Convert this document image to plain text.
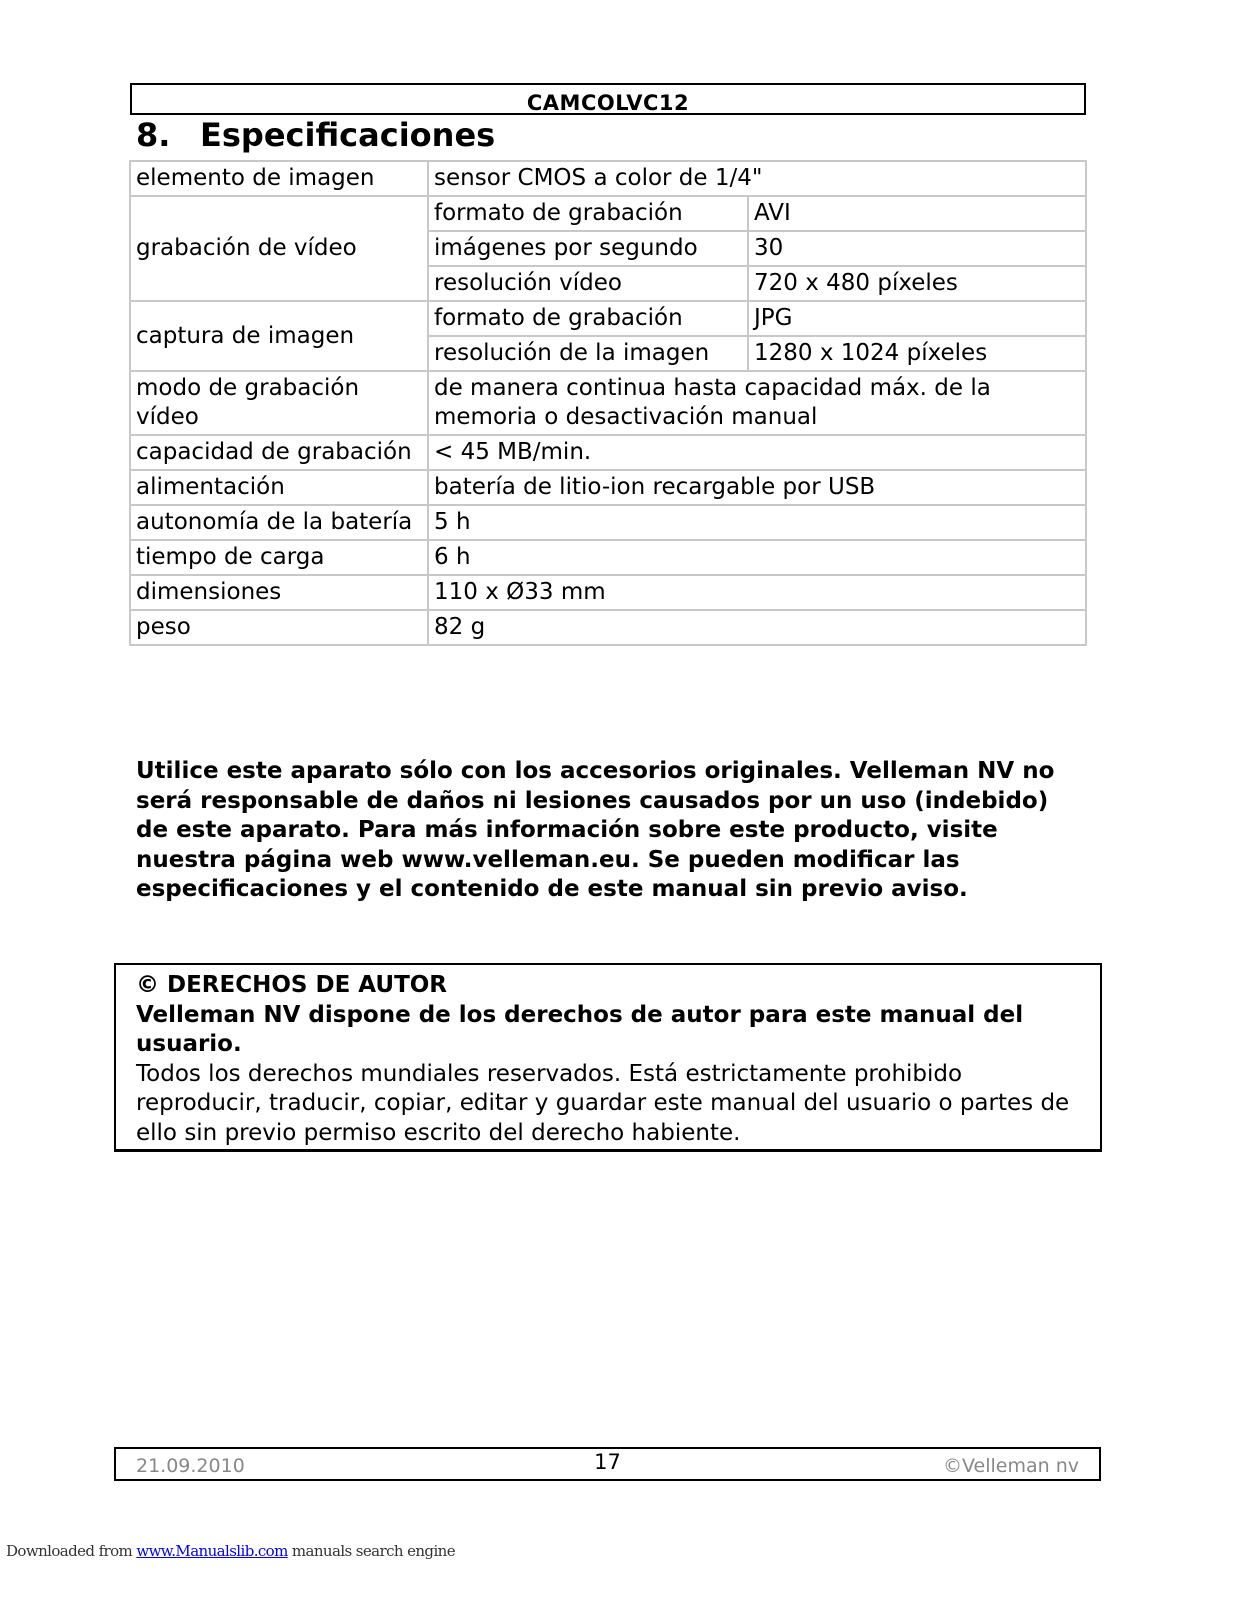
CAMCOLVC12
8. Especificaciones
elemento de imagen	sensor CMOS a color de 1/4"	
grabación de vídeo	formato de grabación	AVI
	imágenes por segundo	30
	resolución vídeo	720 x 480 píxeles
captura de imagen	formato de grabación	JPG
	resolución de la imagen	1280 x 1024 píxeles
modo de grabación vídeo	de manera continua hasta capacidad máx. de la memoria o desactivación manual	
capacidad de grabación	< 45 MB/min.	
alimentación	batería de litio-ion recargable por USB	
autonomía de la batería	5 h	
tiempo de carga	6 h	
dimensiones	110 x Ø33 mm	
peso	82 g	
Utilice este aparato sólo con los accesorios originales. Velleman NV no será responsable de daños ni lesiones causados por un uso (indebido) de este aparato. Para más información sobre este producto, visite nuestra página web www.velleman.eu. Se pueden modificar las especificaciones y el contenido de este manual sin previo aviso.
© DERECHOS DE AUTOR
Velleman NV dispone de los derechos de autor para este manual del usuario.
Todos los derechos mundiales reservados. Está estrictamente prohibido reproducir, traducir, copiar, editar y guardar este manual del usuario o partes de ello sin previo permiso escrito del derecho habiente.
21.09.2010	17	©Velleman nv
Downloaded from www.Manualslib.com manuals search engine
